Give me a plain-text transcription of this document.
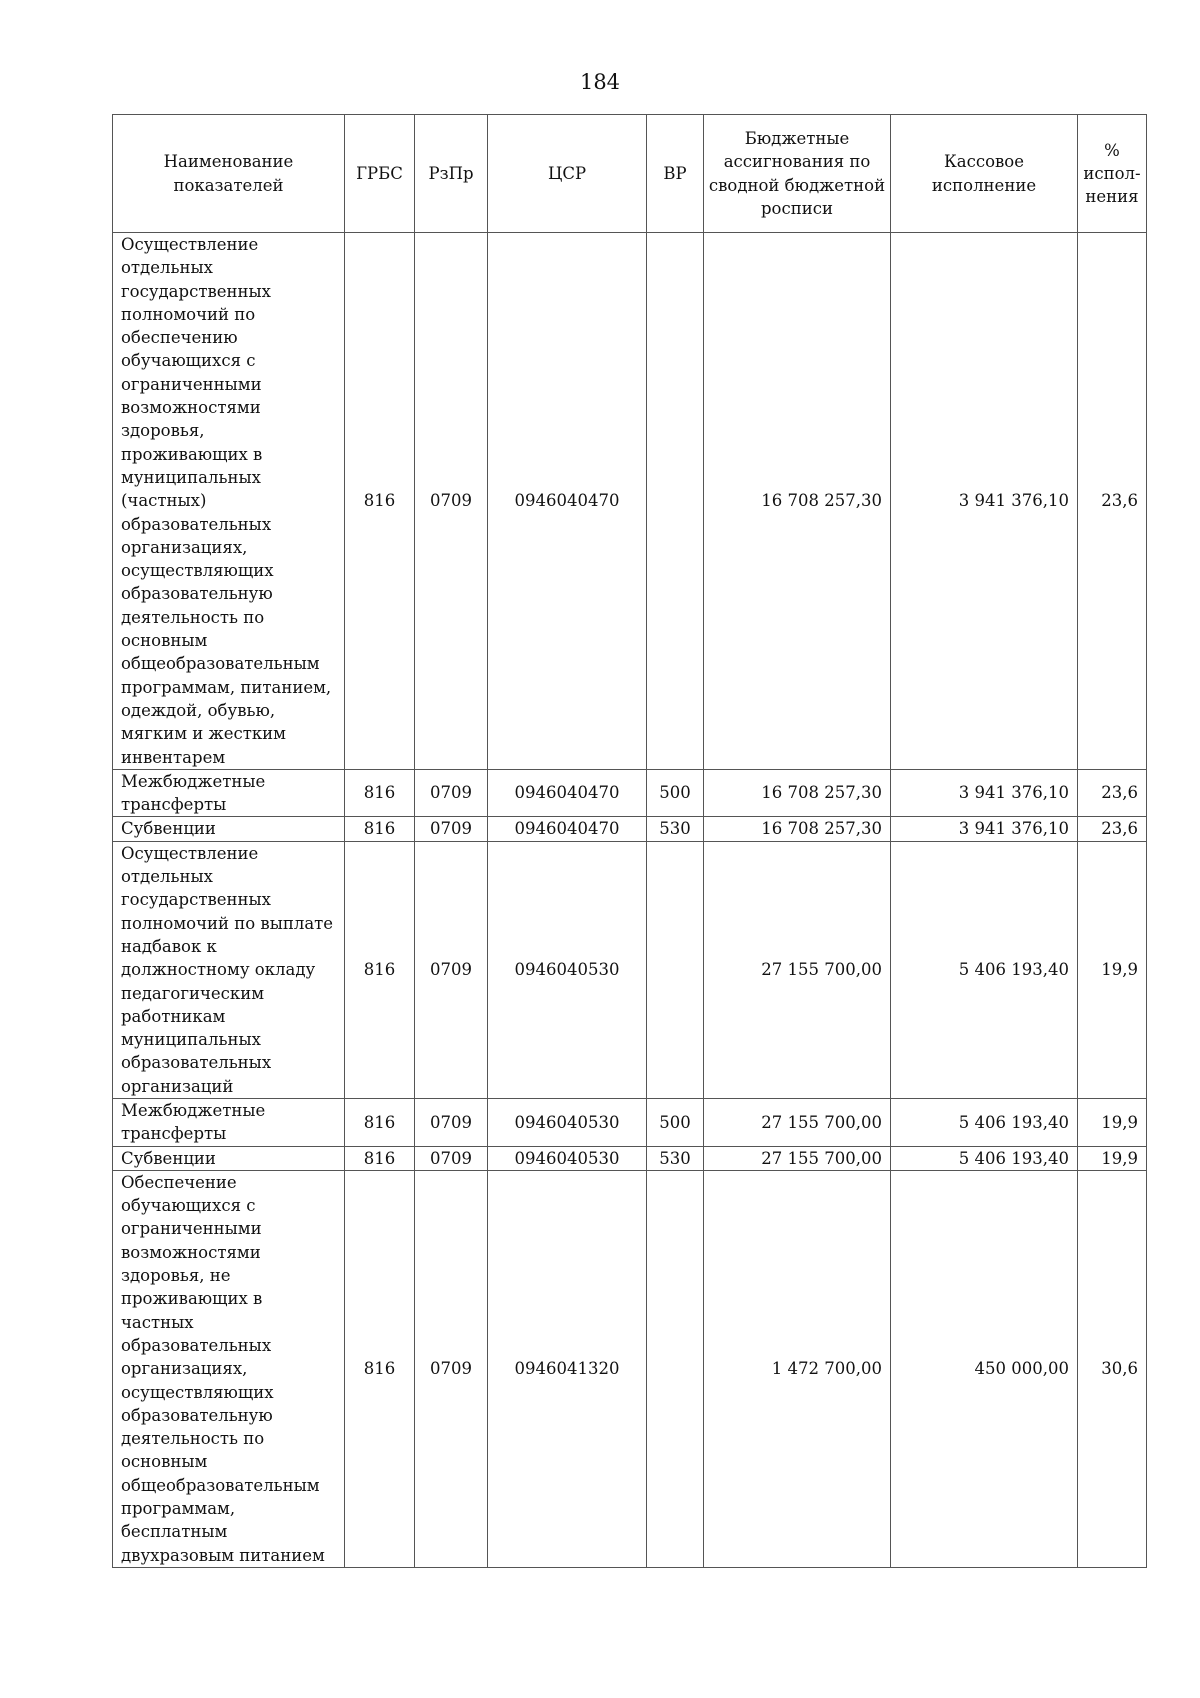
184
Наименование показателей	ГРБС	РзПр	ЦСР	ВР	Бюджетные ассигнования по сводной бюджетной росписи	Кассовое исполнение	% испол-нения
Осуществление отдельных государственных полномочий по обеспечению обучающихся с ограниченными возможностями здоровья, проживающих в муниципальных (частных) образовательных организациях, осуществляющих образовательную деятельность по основным общеобразовательным программам, питанием, одеждой, обувью, мягким и жестким инвентарем	816	0709	0946040470		16 708 257,30	3 941 376,10	23,6
Межбюджетные трансферты	816	0709	0946040470	500	16 708 257,30	3 941 376,10	23,6
Субвенции	816	0709	0946040470	530	16 708 257,30	3 941 376,10	23,6
Осуществление отдельных государственных полномочий по выплате надбавок к должностному окладу педагогическим работникам муниципальных образовательных организаций	816	0709	0946040530		27 155 700,00	5 406 193,40	19,9
Межбюджетные трансферты	816	0709	0946040530	500	27 155 700,00	5 406 193,40	19,9
Субвенции	816	0709	0946040530	530	27 155 700,00	5 406 193,40	19,9
Обеспечение обучающихся с ограниченными возможностями здоровья, не проживающих в частных образовательных организациях, осуществляющих образовательную деятельность по основным общеобразовательным программам, бесплатным двухразовым питанием	816	0709	0946041320		1 472 700,00	450 000,00	30,6
